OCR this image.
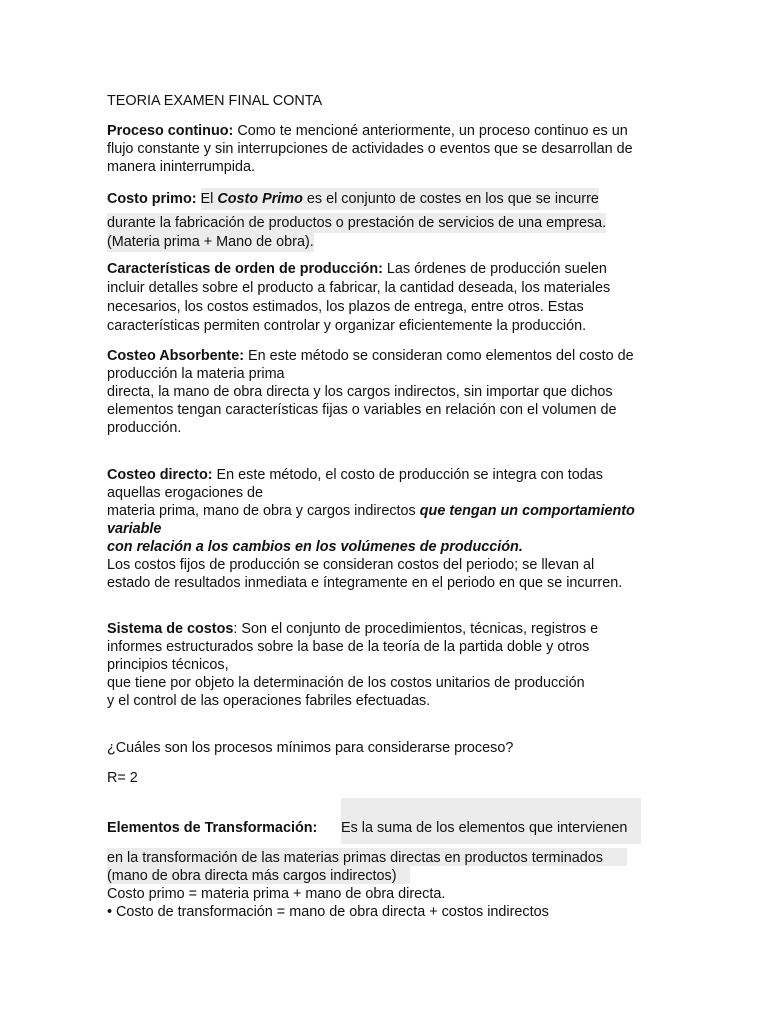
TEORIA EXAMEN FINAL CONTA
Proceso continuo: Como te mencioné anteriormente, un proceso continuo es un
flujo constante y sin interrupciones de actividades o eventos que se desarrollan de
manera ininterrumpida.
Costo primo: El Costo Primo es el conjunto de costes en los que se incurre
durante la fabricación de productos o prestación de servicios de una empresa.
(Materia prima + Mano de obra).
Características de orden de producción: Las órdenes de producción suelen
incluir detalles sobre el producto a fabricar, la cantidad deseada, los materiales
necesarios, los costos estimados, los plazos de entrega, entre otros. Estas
características permiten controlar y organizar eficientemente la producción.
Costeo Absorbente: En este método se consideran como elementos del costo de
producción la materia prima
directa, la mano de obra directa y los cargos indirectos, sin importar que dichos
elementos tengan características fijas o variables en relación con el volumen de
producción.
Costeo directo: En este método, el costo de producción se integra con todas
aquellas erogaciones de
materia prima, mano de obra y cargos indirectos que tengan un comportamiento
variable
con relación a los cambios en los volúmenes de producción.
Los costos fijos de producción se consideran costos del periodo; se llevan al
estado de resultados inmediata e íntegramente en el periodo en que se incurren.
Sistema de costos: Son el conjunto de procedimientos, técnicas, registros e
informes estructurados sobre la base de la teoría de la partida doble y otros
principios técnicos,
que tiene por objeto la determinación de los costos unitarios de producción
y el control de las operaciones fabriles efectuadas.
¿Cuáles son los procesos mínimos para considerarse proceso?
R= 2
Elementos de Transformación: Es la suma de los elementos que intervienen
en la transformación de las materias primas directas en productos terminados
(mano de obra directa más cargos indirectos)
Costo primo = materia prima + mano de obra directa.
• Costo de transformación = mano de obra directa + costos indirectos
